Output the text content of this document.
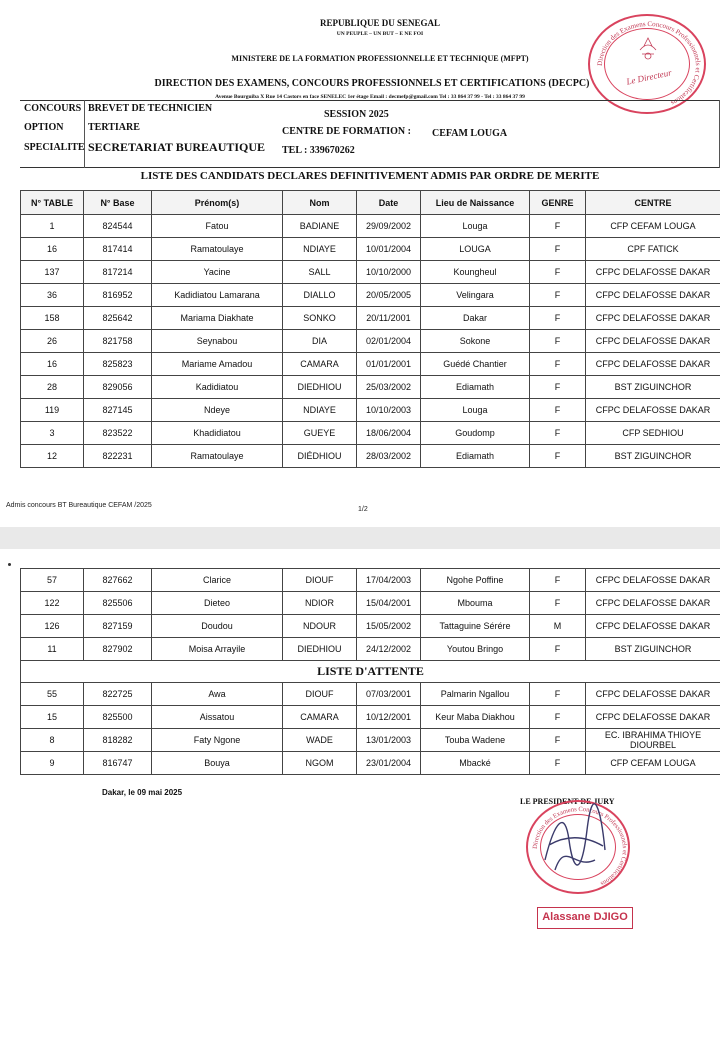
REPUBLIQUE DU SENEGAL
UN PEUPLE – UN BUT – E NE FOI
MINISTERE DE LA FORMATION PROFESSIONNELLE ET TECHNIQUE (MFPT)
DIRECTION DES EXAMENS, CONCOURS PROFESSIONNELS ET CERTIFICATIONS (DECPC)
Avenue Bourguiba X Rue 14 Castors en face SENELEC 1er étage Email : decmefp@gmail.com Tel : 33 864 37 99 - Tel : 33 864 37 99
Direction des Examens Concours Professionnels et Certifications
Le Directeur
CONCOURS BREVET DE TECHNICIEN
OPTION TERTIARE
SPECIALITE SECRETARIAT BUREAUTIQUE
SESSION 2025
CENTRE DE FORMATION : CEFAM LOUGA
TEL : 339670262
LISTE DES CANDIDATS DECLARES DEFINITIVEMENT ADMIS PAR ORDRE DE MERITE
N° TABLE	N° Base	Prénom(s)	Nom	Date	Lieu de Naissance	GENRE	CENTRE
1	824544	Fatou	BADIANE	29/09/2002	Louga	F	CFP CEFAM LOUGA
16	817414	Ramatoulaye	NDIAYE	10/01/2004	LOUGA	F	CPF FATICK
137	817214	Yacine	SALL	10/10/2000	Koungheul	F	CFPC DELAFOSSE DAKAR
36	816952	Kadidiatou Lamarana	DIALLO	20/05/2005	Velingara	F	CFPC DELAFOSSE DAKAR
158	825642	Mariama Diakhate	SONKO	20/11/2001	Dakar	F	CFPC DELAFOSSE DAKAR
26	821758	Seynabou	DIA	02/01/2004	Sokone	F	CFPC DELAFOSSE DAKAR
16	825823	Mariame Amadou	CAMARA	01/01/2001	Guédé Chantier	F	CFPC DELAFOSSE DAKAR
28	829056	Kadidiatou	DIEDHIOU	25/03/2002	Ediamath	F	BST ZIGUINCHOR
119	827145	Ndeye	NDIAYE	10/10/2003	Louga	F	CFPC DELAFOSSE DAKAR
3	823522	Khadidiatou	GUEYE	18/06/2004	Goudomp	F	CFP SEDHIOU
12	822231	Ramatoulaye	DIÉDHIOU	28/03/2002	Ediamath	F	BST ZIGUINCHOR
Admis concours BT Bureautique CEFAM /2025
1/2
57	827662	Clarice	DIOUF	17/04/2003	Ngohe Poffine	F	CFPC DELAFOSSE DAKAR
122	825506	Dieteo	NDIOR	15/04/2001	Mbouma	F	CFPC DELAFOSSE DAKAR
126	827159	Doudou	NDOUR	15/05/2002	Tattaguine Sérére	M	CFPC DELAFOSSE DAKAR
11	827902	Moisa Arrayile	DIEDHIOU	24/12/2002	Youtou Bringo	F	BST ZIGUINCHOR
LISTE D'ATTENTE							
55	822725	Awa	DIOUF	07/03/2001	Palmarin Ngallou	F	CFPC DELAFOSSE DAKAR
15	825500	Aissatou	CAMARA	10/12/2001	Keur Maba Diakhou	F	CFPC DELAFOSSE DAKAR
8	818282	Faty Ngone	WADE	13/01/2003	Touba Wadene	F	EC. IBRAHIMA THIOYE DIOURBEL
9	816747	Bouya	NGOM	23/01/2004	Mbacké	F	CFP CEFAM LOUGA
Dakar, le 09 mai 2025
LE PRESIDENT DE JURY
Direction des Examens Concours Professionnels et Certifications
Alassane DJIGO
